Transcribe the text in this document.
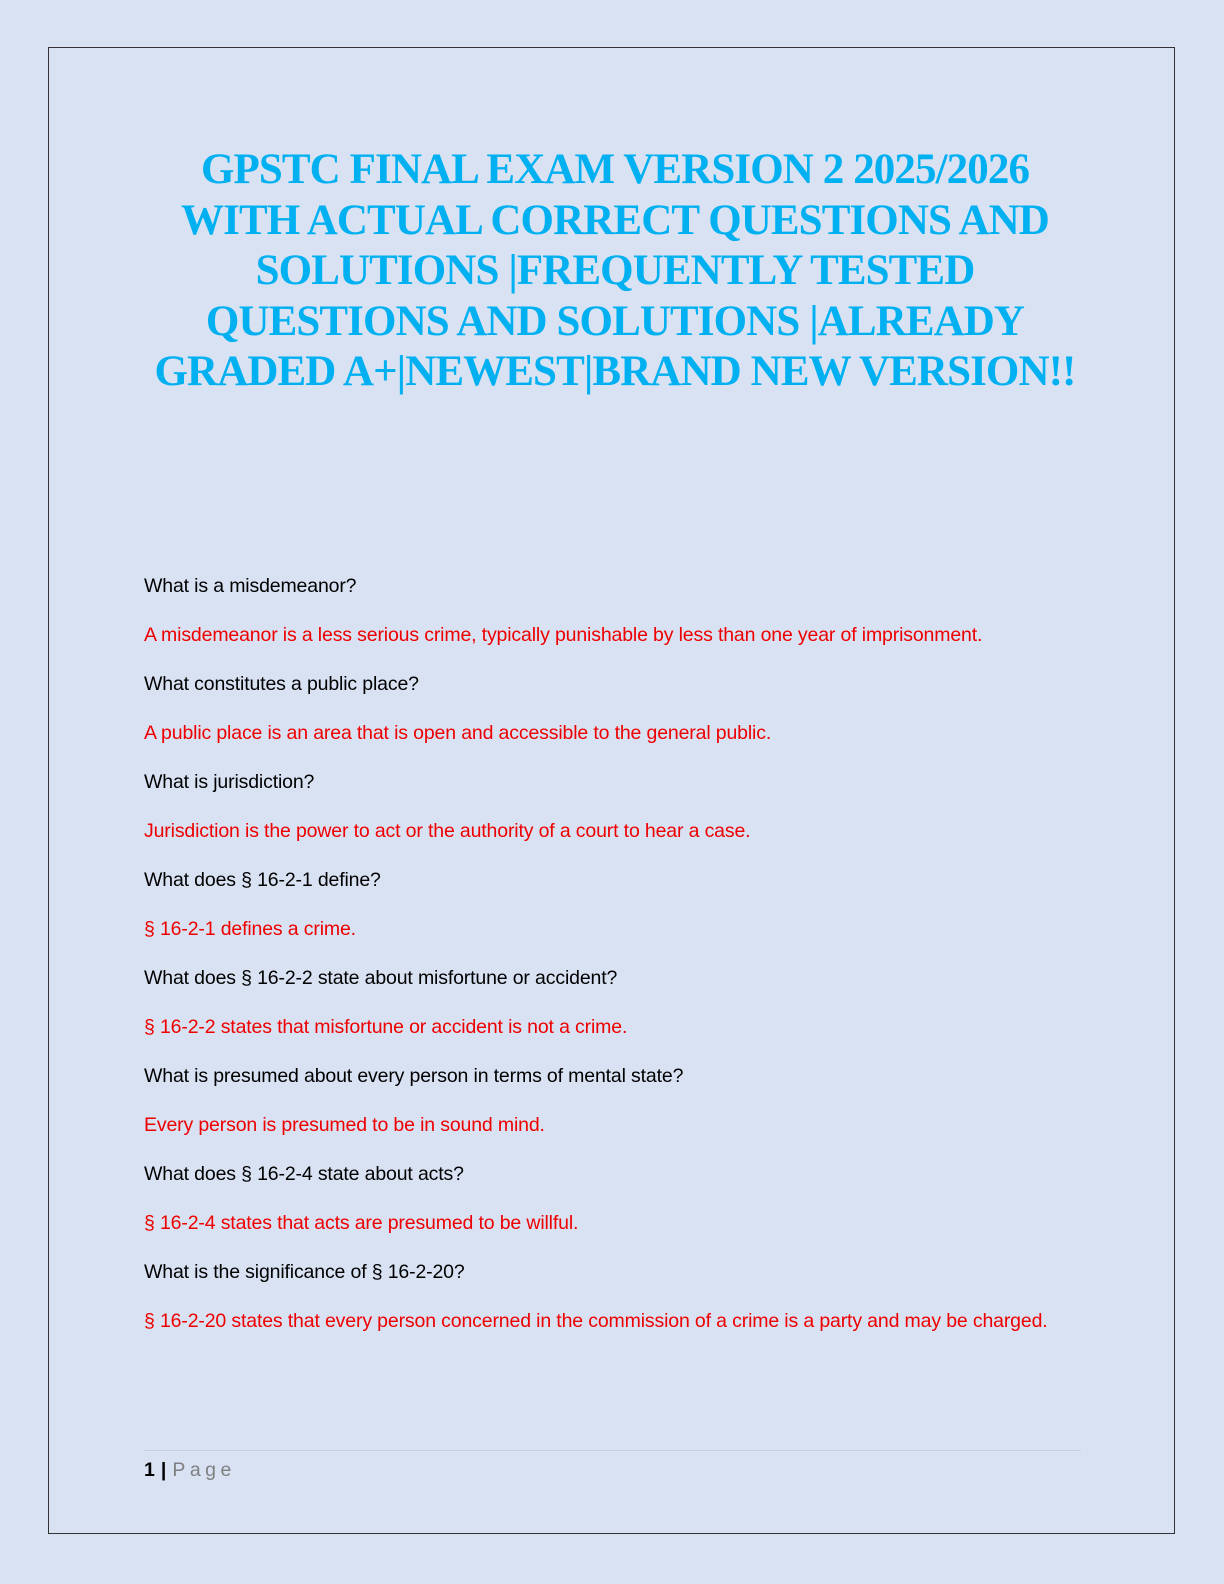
GPSTC FINAL EXAM VERSION 2 2025/2026 WITH ACTUAL CORRECT QUESTIONS AND SOLUTIONS |FREQUENTLY TESTED QUESTIONS AND SOLUTIONS |ALREADY GRADED A+|NEWEST|BRAND NEW VERSION!!

What is a misdemeanor?

A misdemeanor is a less serious crime, typically punishable by less than one year of imprisonment.

What constitutes a public place?

A public place is an area that is open and accessible to the general public.

What is jurisdiction?

Jurisdiction is the power to act or the authority of a court to hear a case.

What does § 16-2-1 define?

§ 16-2-1 defines a crime.

What does § 16-2-2 state about misfortune or accident?

§ 16-2-2 states that misfortune or accident is not a crime.

What is presumed about every person in terms of mental state?

Every person is presumed to be in sound mind.

What does § 16-2-4 state about acts?

§ 16-2-4 states that acts are presumed to be willful.

What is the significance of § 16-2-20?

§ 16-2-20 states that every person concerned in the commission of a crime is a party and may be charged.

1 | Page
